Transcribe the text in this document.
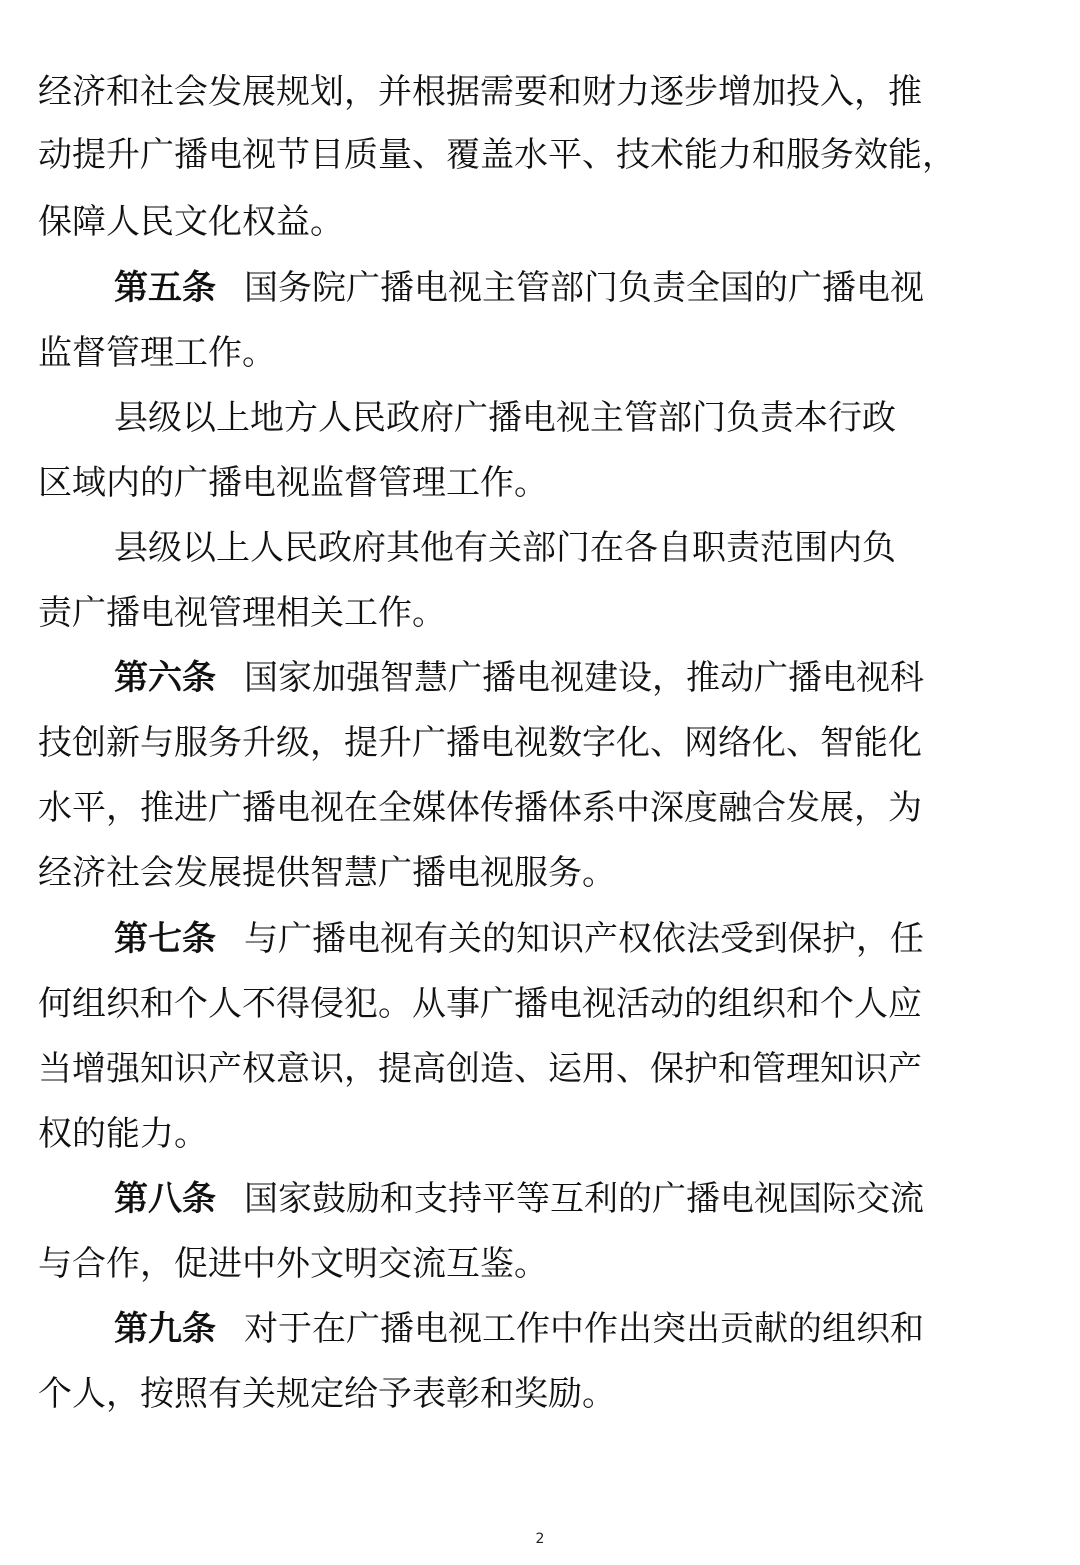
经济和社会发展规划，并根据需要和财力逐步增加投入，推
动提升广播电视节目质量、覆盖水平、技术能力和服务效能，
保障人民文化权益。
第五条  国务院广播电视主管部门负责全国的广播电视
监督管理工作。
县级以上地方人民政府广播电视主管部门负责本行政
区域内的广播电视监督管理工作。
县级以上人民政府其他有关部门在各自职责范围内负
责广播电视管理相关工作。
第六条  国家加强智慧广播电视建设，推动广播电视科
技创新与服务升级，提升广播电视数字化、网络化、智能化
水平，推进广播电视在全媒体传播体系中深度融合发展，为
经济社会发展提供智慧广播电视服务。
第七条  与广播电视有关的知识产权依法受到保护，任
何组织和个人不得侵犯。从事广播电视活动的组织和个人应
当增强知识产权意识，提高创造、运用、保护和管理知识产
权的能力。
第八条  国家鼓励和支持平等互利的广播电视国际交流
与合作，促进中外文明交流互鉴。
第九条  对于在广播电视工作中作出突出贡献的组织和
个人，按照有关规定给予表彰和奖励。
2
